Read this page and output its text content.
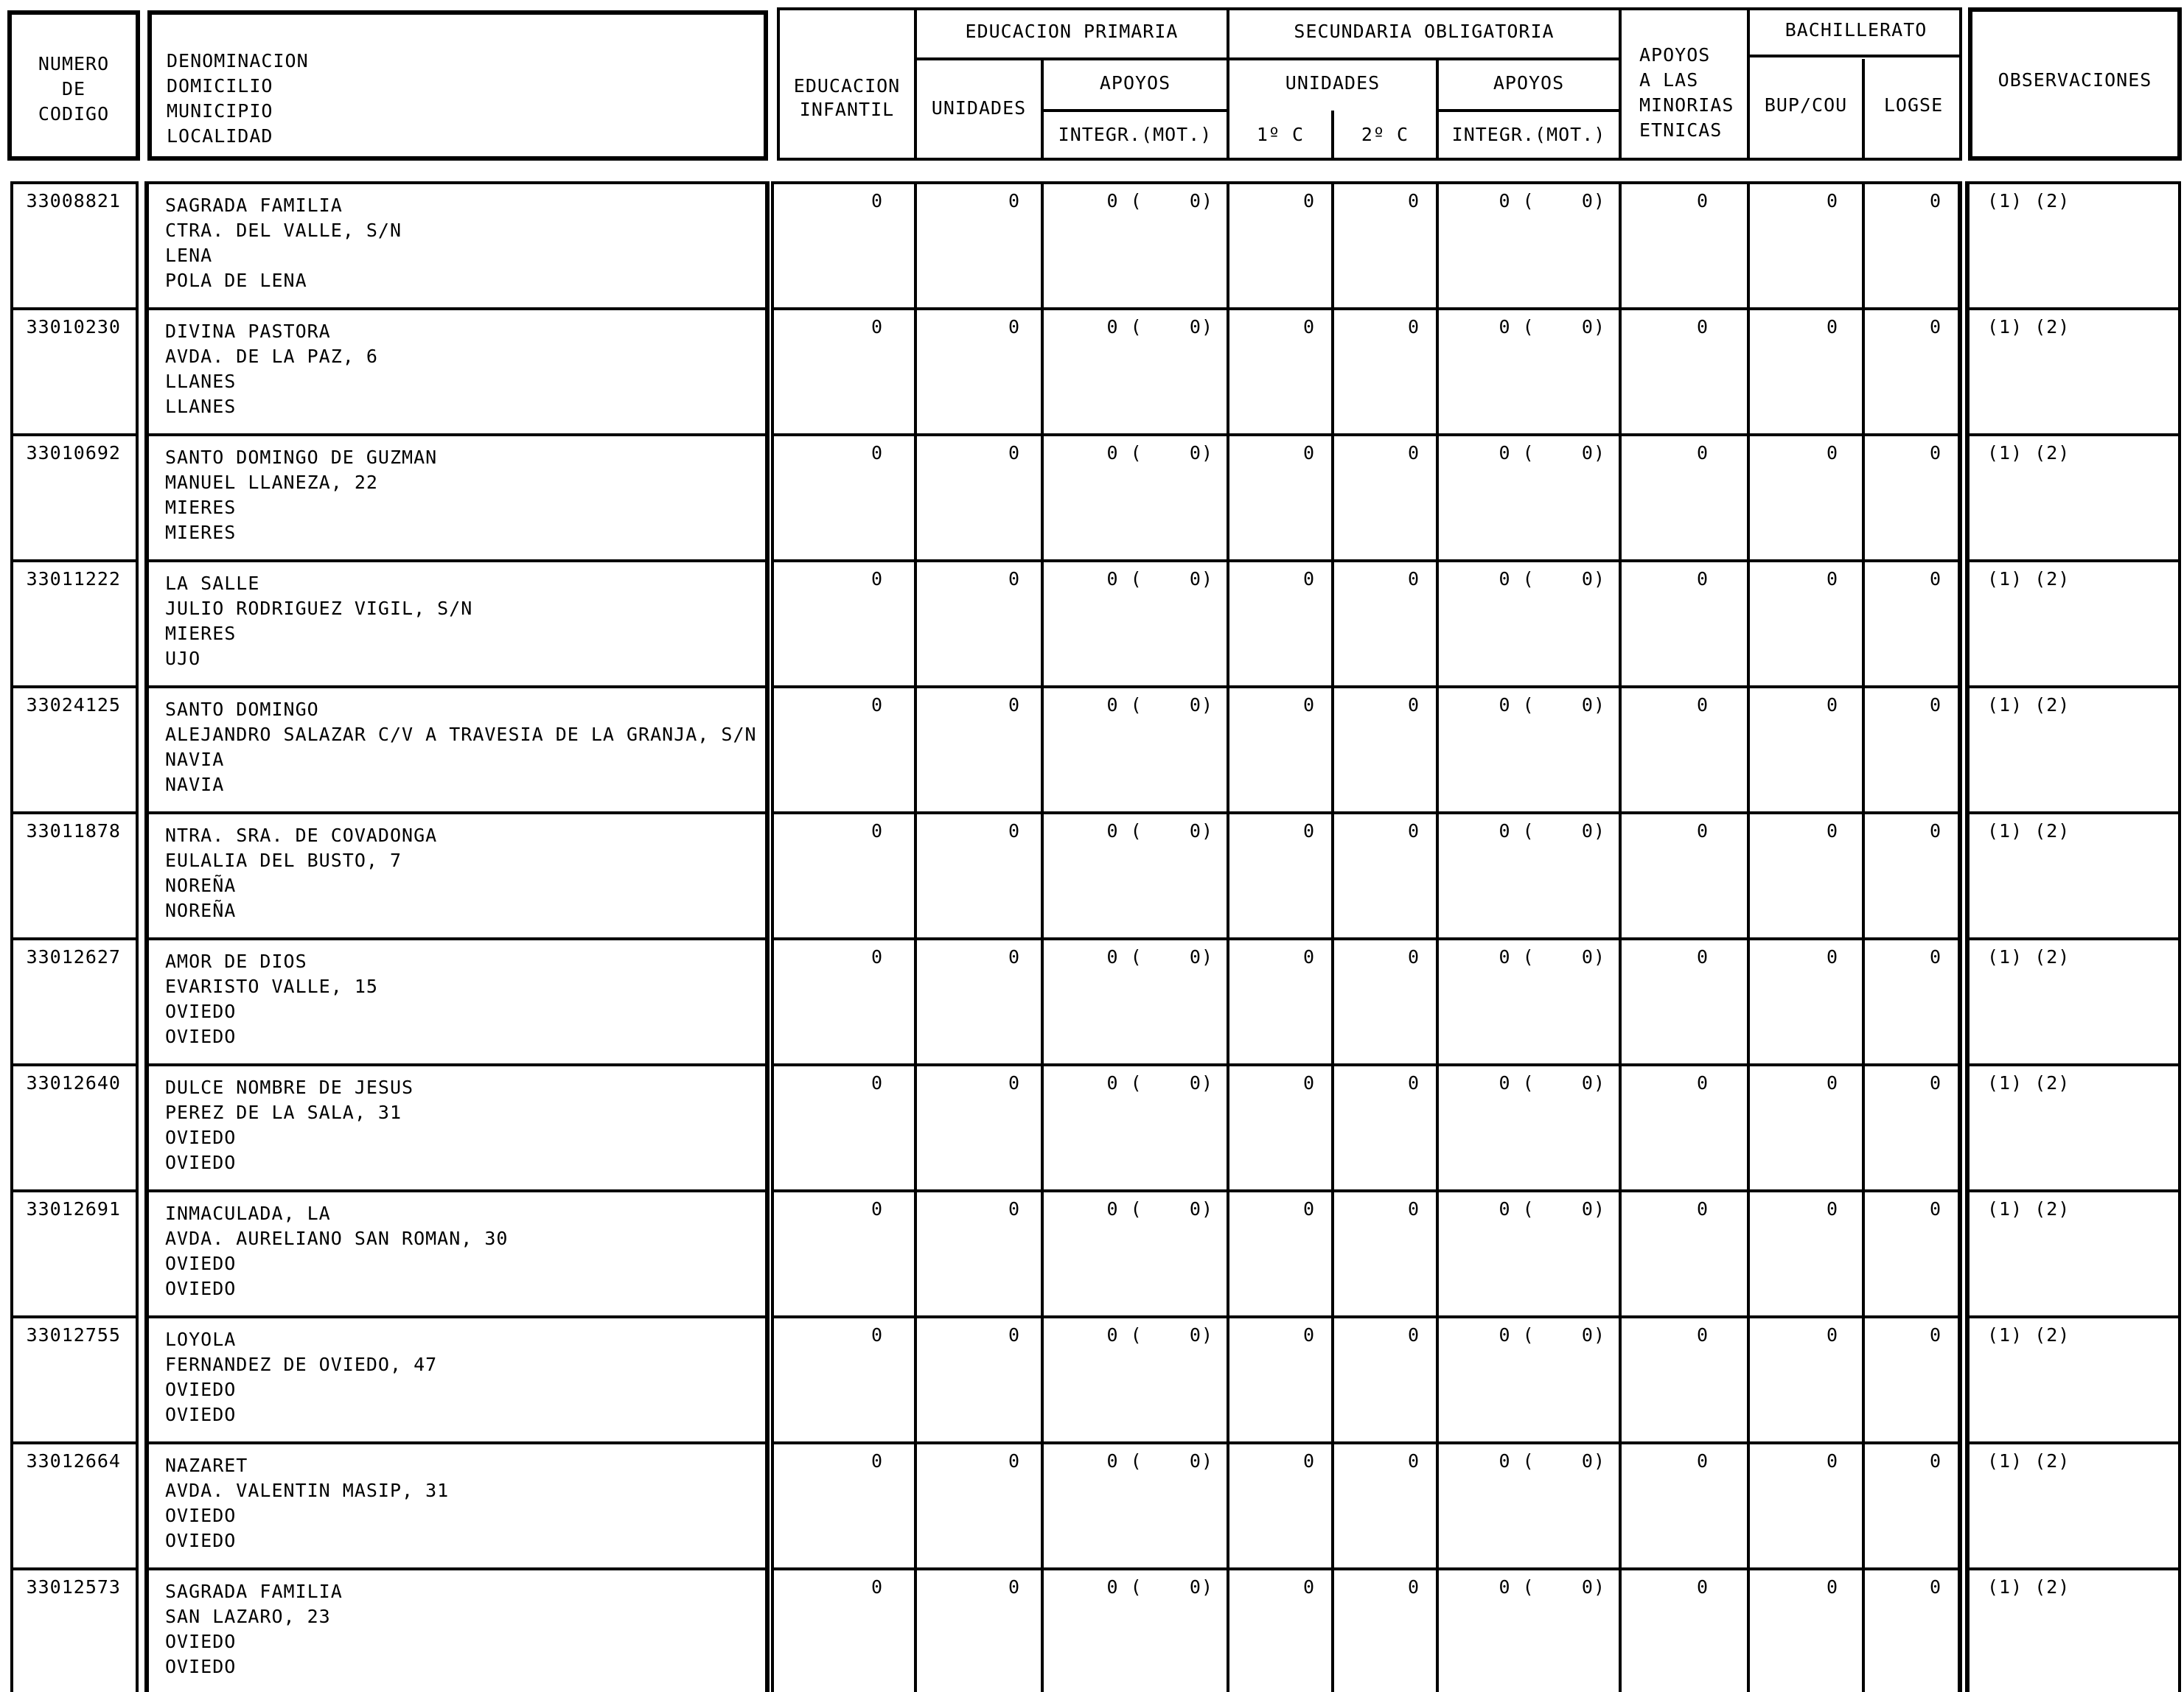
NUMERO
DE
CODIGO
DENOMINACION
DOMICILIO
MUNICIPIO
LOCALIDAD
EDUCACION
INFANTIL
EDUCACION PRIMARIA
UNIDADES
APOYOS
INTEGR.(MOT.)
SECUNDARIA OBLIGATORIA
UNIDADES
1º C	2º C
APOYOS
INTEGR.(MOT.)
APOYOS
A LAS
MINORIAS
ETNICAS
BACHILLERATO
BUP/COU	LOGSE
OBSERVACIONES
33008821 SAGRADA FAMILIA
CTRA. DEL VALLE, S/N
LENA
POLA DE LENA
0	0	0 (    0)	0	0	0 (    0)	0	0	0 (1) (2)
33010230 DIVINA PASTORA
AVDA. DE LA PAZ, 6
LLANES
LLANES
0	0	0 (    0)	0	0	0 (    0)	0	0	0 (1) (2)
33010692 SANTO DOMINGO DE GUZMAN
MANUEL LLANEZA, 22
MIERES
MIERES
0	0	0 (    0)	0	0	0 (    0)	0	0	0 (1) (2)
33011222 LA SALLE
JULIO RODRIGUEZ VIGIL, S/N
MIERES
UJO
0	0	0 (    0)	0	0	0 (    0)	0	0	0 (1) (2)
33024125 SANTO DOMINGO
ALEJANDRO SALAZAR C/V A TRAVESIA DE LA GRANJA, S/N
NAVIA
NAVIA
0	0	0 (    0)	0	0	0 (    0)	0	0	0 (1) (2)
33011878 NTRA. SRA. DE COVADONGA
EULALIA DEL BUSTO, 7
NOREÑA
NOREÑA
0	0	0 (    0)	0	0	0 (    0)	0	0	0 (1) (2)
33012627 AMOR DE DIOS
EVARISTO VALLE, 15
OVIEDO
OVIEDO
0	0	0 (    0)	0	0	0 (    0)	0	0	0 (1) (2)
33012640 DULCE NOMBRE DE JESUS
PEREZ DE LA SALA, 31
OVIEDO
OVIEDO
0	0	0 (    0)	0	0	0 (    0)	0	0	0 (1) (2)
33012691 INMACULADA, LA
AVDA. AURELIANO SAN ROMAN, 30
OVIEDO
OVIEDO
0	0	0 (    0)	0	0	0 (    0)	0	0	0 (1) (2)
33012755 LOYOLA
FERNANDEZ DE OVIEDO, 47
OVIEDO
OVIEDO
0	0	0 (    0)	0	0	0 (    0)	0	0	0 (1) (2)
33012664 NAZARET
AVDA. VALENTIN MASIP, 31
OVIEDO
OVIEDO
0	0	0 (    0)	0	0	0 (    0)	0	0	0 (1) (2)
33012573 SAGRADA FAMILIA
SAN LAZARO, 23
OVIEDO
OVIEDO
0	0	0 (    0)	0	0	0 (    0)	0	0	0 (1) (2)
